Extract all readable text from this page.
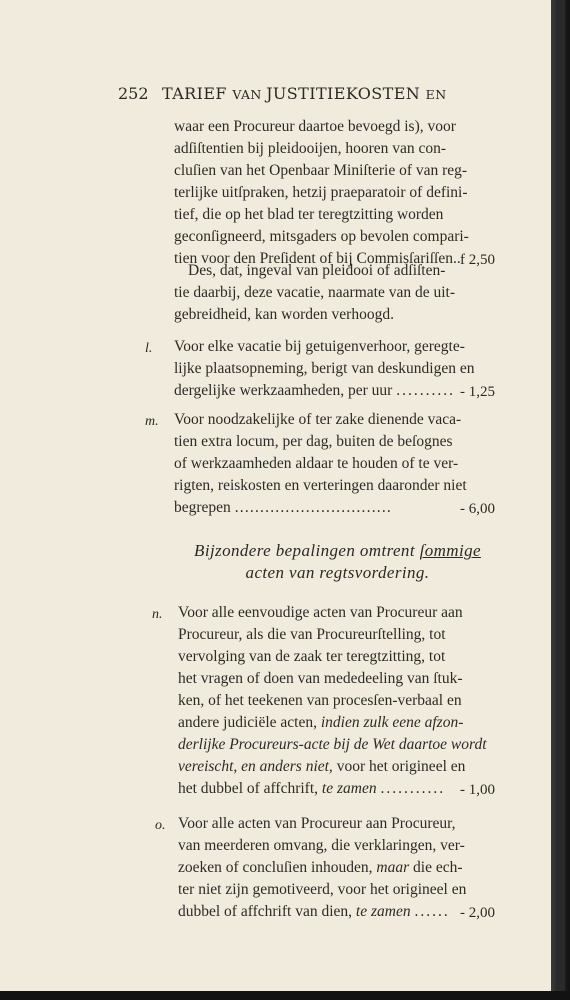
252 TARIEF VAN JUSTITIEKOSTEN EN
waar een Procureur daartoe bevoegd is), voor
adſiſtentien bij pleidooijen, hooren van con-
cluſien van het Openbaar Miniſterie of van reg-
terlijke uitſpraken, hetzij praeparatoir of defini-
tief, die op het blad ter teregtzitting worden
geconſigneerd, mitsgaders op bevolen compari-
tien voor den Preſident of bij Commisſariſſen.. f 2,50
Des, dat, ingeval van pleidooi of adſiſten-
tie daarbij, deze vacatie, naarmate van de uit-
gebreidheid, kan worden verhoogd.
l. Voor elke vacatie bij getuigenverhoor, geregte-
lijke plaatsopneming, berigt van deskundigen en
dergelijke werkzaamheden, per uur .......... - 1,25
m. Voor noodzakelijke of ter zake dienende vaca-
tien extra locum, per dag, buiten de beſognes
of werkzaamheden aldaar te houden of te ver-
rigten, reiskosten en verteringen daaronder niet
begrepen ...............................	- 6,00
Bijzondere bepalingen omtrent ſommige
acten van regtsvordering.
n. Voor alle eenvoudige acten van Procureur aan
Procureur, als die van Procureurſtelling, tot
vervolging van de zaak ter teregtzitting, tot
het vragen of doen van mededeeling van ſtuk-
ken, of het teekenen van procesſen-verbaal en
andere judiciële acten, indien zulk eene afzon-
derlijke Procureurs-acte bij de Wet daartoe wordt
vereischt, en anders niet, voor het origineel en
het dubbel of affchrift, te zamen ........... - 1,00
o. Voor alle acten van Procureur aan Procureur,
van meerderen omvang, die verklaringen, ver-
zoeken of concluſien inhouden, maar die ech-
ter niet zijn gemotiveerd, voor het origineel en
dubbel of affchrift van dien, te zamen ...... - 2,00
